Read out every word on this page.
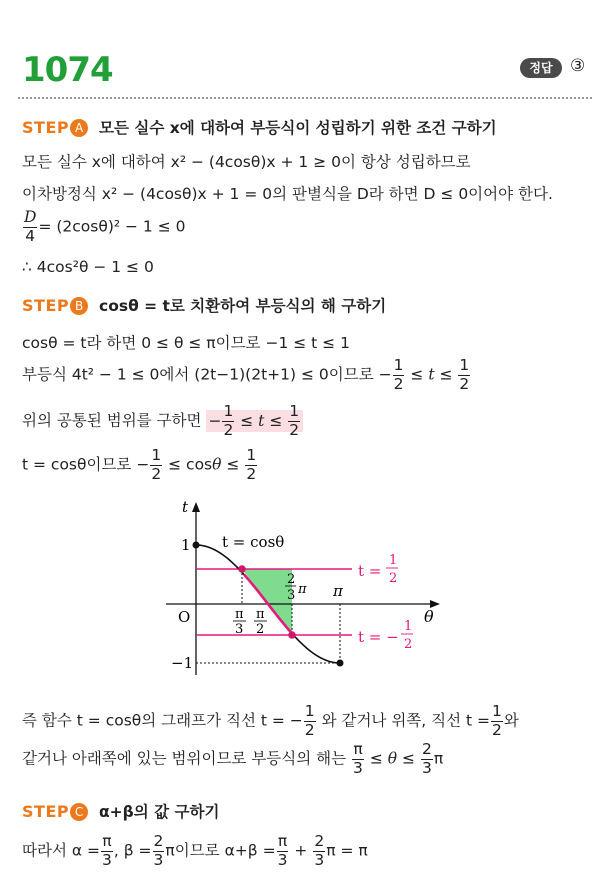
1074	정답	③
STEP A 모든 실수 x에 대하여 부등식이 성립하기 위한 조건 구하기
모든 실수 x에 대하여 x² − (4cosθ)x + 1 ≥ 0이 항상 성립하므로
이차방정식 x² − (4cosθ)x + 1 = 0의 판별식을 D라 하면 D ≤ 0이어야 한다.
$\frac{D}{4} = (2\cos\theta)^2 - 1 \le 0$
∴ 4cos²θ − 1 ≤ 0
STEP B cosθ = t로 치환하여 부등식의 해 구하기
cosθ = t라 하면 0 ≤ θ ≤ π이므로 −1 ≤ t ≤ 1
부등식 4t² − 1 ≤ 0에서 (2t−1)(2t+1) ≤ 0이므로 − $\frac{1}{2} \le t \le \frac{1}{2}$
위의 공통된 범위를 구하면 − $\frac{1}{2} \le t \le \frac{1}{2}$
t = cosθ이므로 − $\frac{1}{2} \le \cos\theta \le \frac{1}{2}$
t
θ
O
1
−1
t = cosθ
π
π
3
π
2
2
3 π
t =
1
2
t = −
1
2
즉 함수 t = cosθ의 그래프가 직선 t = − $\frac{1}{2}$ 와 같거나 위쪽, 직선 $t = \frac{1}{2}$ 와
같거나 아래쪽에 있는 범위이므로 부등식의 해는 $\frac{\pi}{3} \le \theta \le \frac{2}{3}$ π
STEP C α+β의 값 구하기
따라서 $\alpha = \frac{\pi}{3}$ , $\beta = \frac{2}{3}$ π이므로 $\alpha+\beta = \frac{\pi}{3} + \frac{2}{3}$ π = π
